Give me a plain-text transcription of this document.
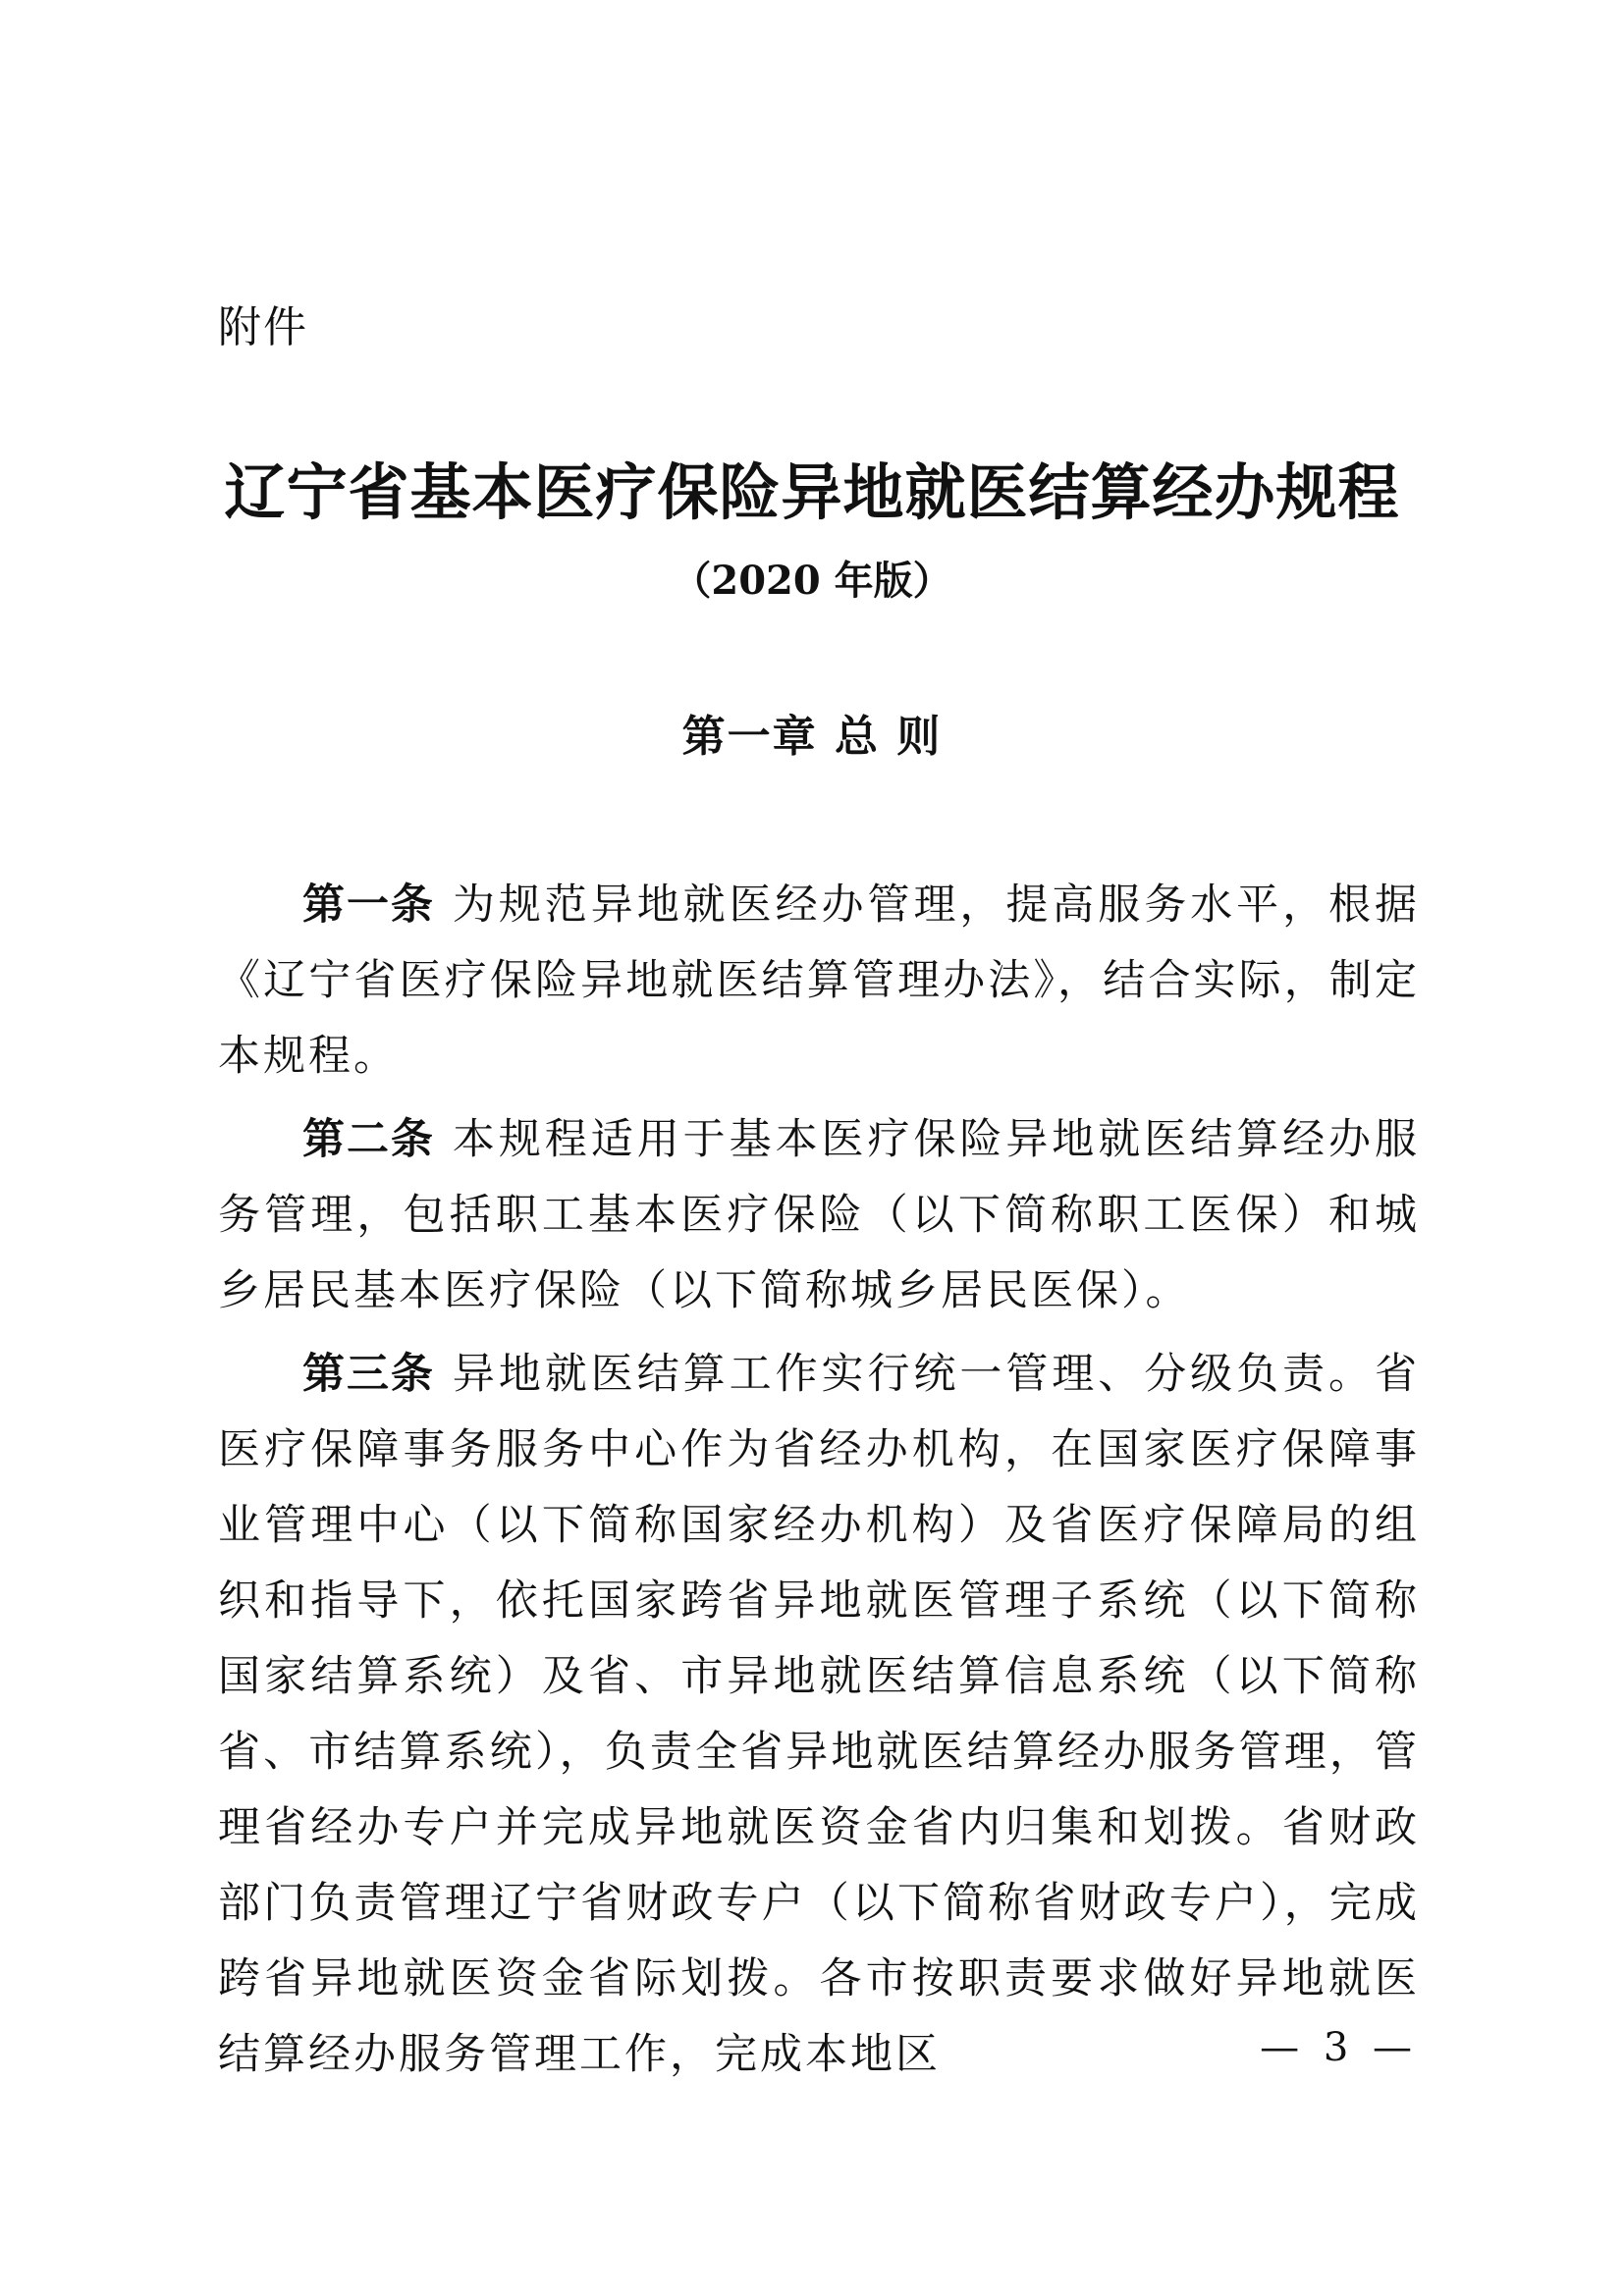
附件
辽宁省基本医疗保险异地就医结算经办规程
（2020 年版）
第一章 总 则

第一条 为规范异地就医经办管理，提高服务水平，根据《辽宁省医疗保险异地就医结算管理办法》，结合实际，制定本规程。

第二条 本规程适用于基本医疗保险异地就医结算经办服务管理，包括职工基本医疗保险（以下简称职工医保）和城乡居民基本医疗保险（以下简称城乡居民医保）。

第三条 异地就医结算工作实行统一管理、分级负责。省医疗保障事务服务中心作为省经办机构，在国家医疗保障事业管理中心（以下简称国家经办机构）及省医疗保障局的组织和指导下，依托国家跨省异地就医管理子系统（以下简称国家结算系统）及省、市异地就医结算信息系统（以下简称省、市结算系统），负责全省异地就医结算经办服务管理，管理省经办专户并完成异地就医资金省内归集和划拨。省财政部门负责管理辽宁省财政专户（以下简称省财政专户），完成跨省异地就医资金省际划拨。各市按职责要求做好异地就医结算经办服务管理工作，完成本地区	— 3 —
